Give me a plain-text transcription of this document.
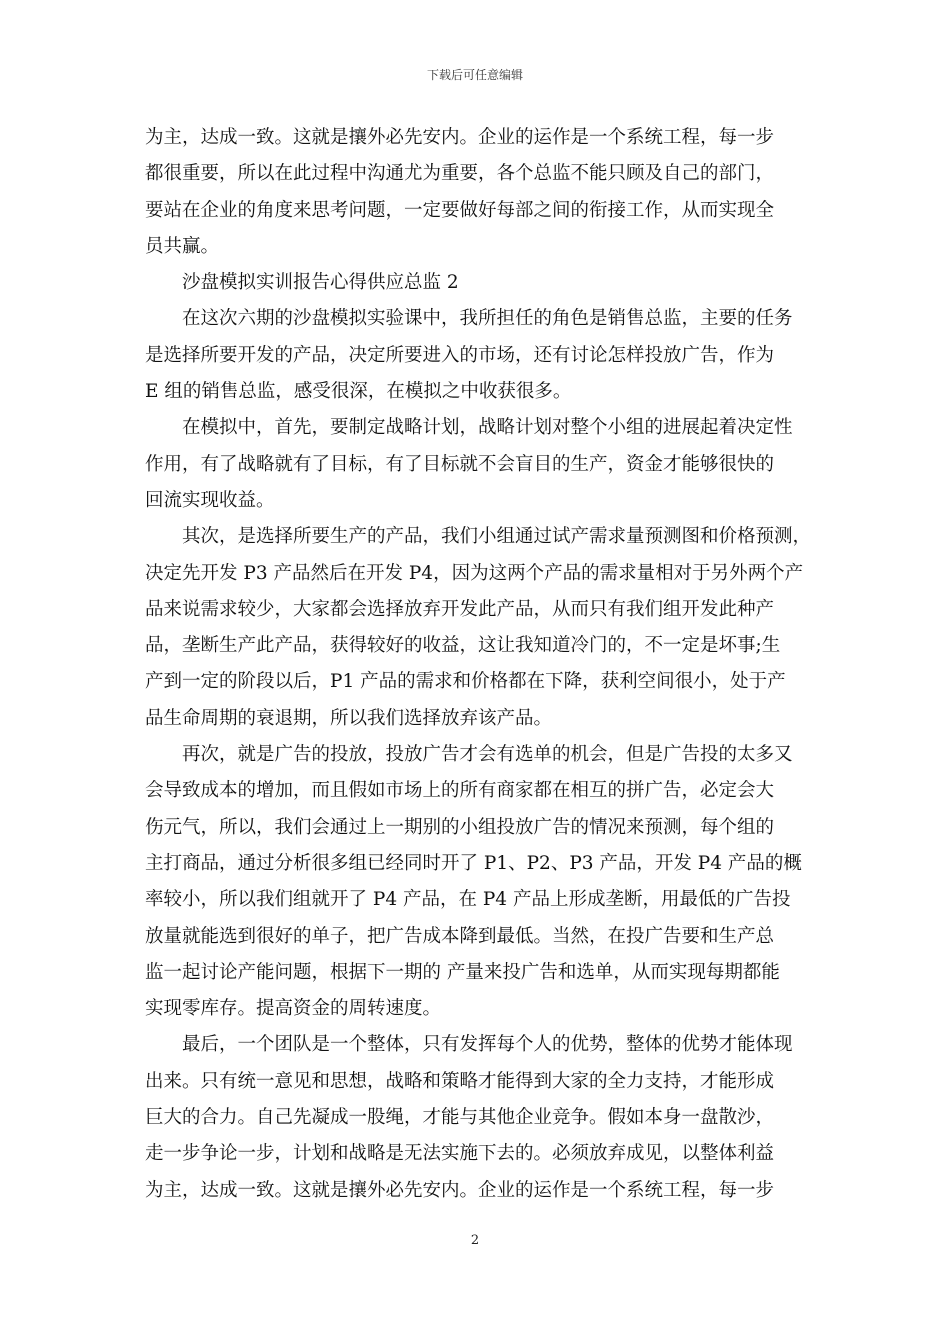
下载后可任意编辑

为主，达成一致。这就是攘外必先安内。企业的运作是一个系统工程，每一步
都很重要，所以在此过程中沟通尤为重要，各个总监不能只顾及自己的部门，
要站在企业的角度来思考问题，一定要做好每部之间的衔接工作，从而实现全
员共赢。

　　沙盘模拟实训报告心得供应总监 2

　　在这次六期的沙盘模拟实验课中，我所担任的角色是销售总监，主要的任务
是选择所要开发的产品，决定所要进入的市场，还有讨论怎样投放广告，作为
E 组的销售总监，感受很深，在模拟之中收获很多。

　　在模拟中，首先，要制定战略计划，战略计划对整个小组的进展起着决定性
作用，有了战略就有了目标，有了目标就不会盲目的生产，资金才能够很快的
回流实现收益。

　　其次，是选择所要生产的产品，我们小组通过试产需求量预测图和价格预测，
决定先开发 P3 产品然后在开发 P4，因为这两个产品的需求量相对于另外两个产
品来说需求较少，大家都会选择放弃开发此产品，从而只有我们组开发此种产
品，垄断生产此产品，获得较好的收益，这让我知道冷门的，不一定是坏事;生
产到一定的阶段以后，P1 产品的需求和价格都在下降，获利空间很小，处于产
品生命周期的衰退期，所以我们选择放弃该产品。

　　再次，就是广告的投放，投放广告才会有选单的机会，但是广告投的太多又
会导致成本的增加，而且假如市场上的所有商家都在相互的拼广告，必定会大
伤元气，所以，我们会通过上一期别的小组投放广告的情况来预测，每个组的
主打商品，通过分析很多组已经同时开了 P1、P2、P3 产品，开发 P4 产品的概
率较小，所以我们组就开了 P4 产品，在 P4 产品上形成垄断，用最低的广告投
放量就能选到很好的单子，把广告成本降到最低。当然，在投广告要和生产总
监一起讨论产能问题，根据下一期的 产量来投广告和选单，从而实现每期都能
实现零库存。提高资金的周转速度。

　　最后，一个团队是一个整体，只有发挥每个人的优势，整体的优势才能体现
出来。只有统一意见和思想，战略和策略才能得到大家的全力支持，才能形成
巨大的合力。自己先凝成一股绳，才能与其他企业竞争。假如本身一盘散沙，
走一步争论一步，计划和战略是无法实施下去的。必须放弃成见，以整体利益
为主，达成一致。这就是攘外必先安内。企业的运作是一个系统工程，每一步

2
